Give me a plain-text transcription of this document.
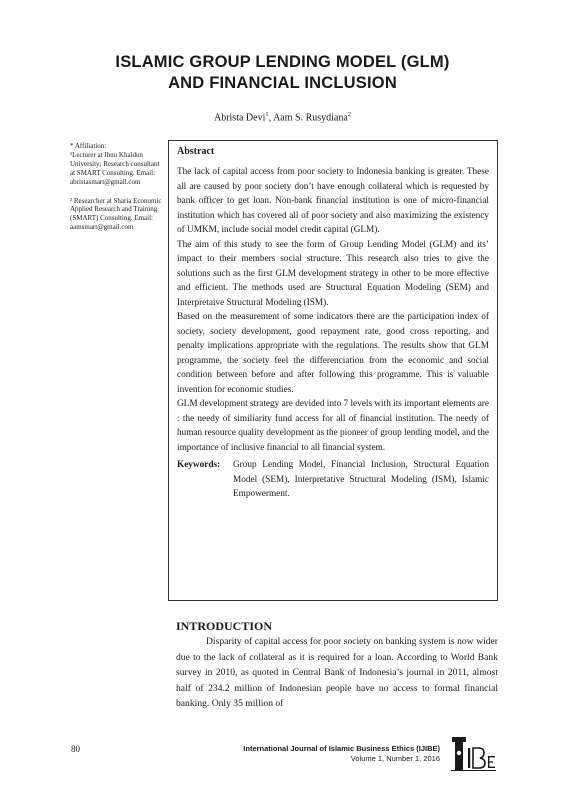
ISLAMIC GROUP LENDING MODEL (GLM)
AND FINANCIAL INCLUSION
Abrista Devi$^1$, Aam S. Rusydiana$^2$

* Affiliation:
¹Lecturer at Ibnu Khaldun University; Research consultant at SMART Consulting. Email: abristasmart@gmail.com

² Researcher at Sharia Economic Applied Research and Training (SMART) Consulting. Email: aamsmart@gmail.com

Abstract

The lack of capital access from poor society to Indonesia banking is greater. These all are caused by poor society don’t have enough collateral which is requested by bank officer to get loan. Non-bank financial institution is one of micro-financial institution which has covered all of poor society and also maximizing the existency of UMKM, include social model credit capital (GLM).

The aim of this study to see the form of Group Lending Model (GLM) and its’ impact to their members social structure. This research also tries to give the solutions such as the first GLM development strategy in other to be more effective and efficient. The methods used are Structural Equation Modeling (SEM) and Interpretaive Structural Modeling (ISM).

Based on the measurement of some indicators there are the participation index of society, society development, good repayment rate, good cross reporting, and penalty implications appropriate with the regulations. The results show that GLM programme, the society feel the differenciation from the economic and social condition between before and after following this programme. This is valuable invention for economic studies.

GLM development strategy are devided into 7 levels with its important elements are : the needy of similiarity fund access for all of financial institution. The needy of human resource quality development as the pioneer of group lending model, and the importance of inclusive financial to all financial system.

Keywords:	Group Lending Model, Financial Inclusion, Structural Equation Model (SEM), Interpretative Structural Modeling (ISM), Islamic Empowerment.
INTRODUCTION

Disparity of capital access for poor society on banking system is now wider due to the lack of collateral as it is required for a loan. According to World Bank survey in 2010, as quoted in Central Bank of Indonesia’s journal in 2011, almost half of 234.2 million of Indonesian people have no access to formal financial banking. Only 35 million of

80	International Journal of Islamic Business Ethics (IJIBE)
Volume 1, Number 1, 2016
